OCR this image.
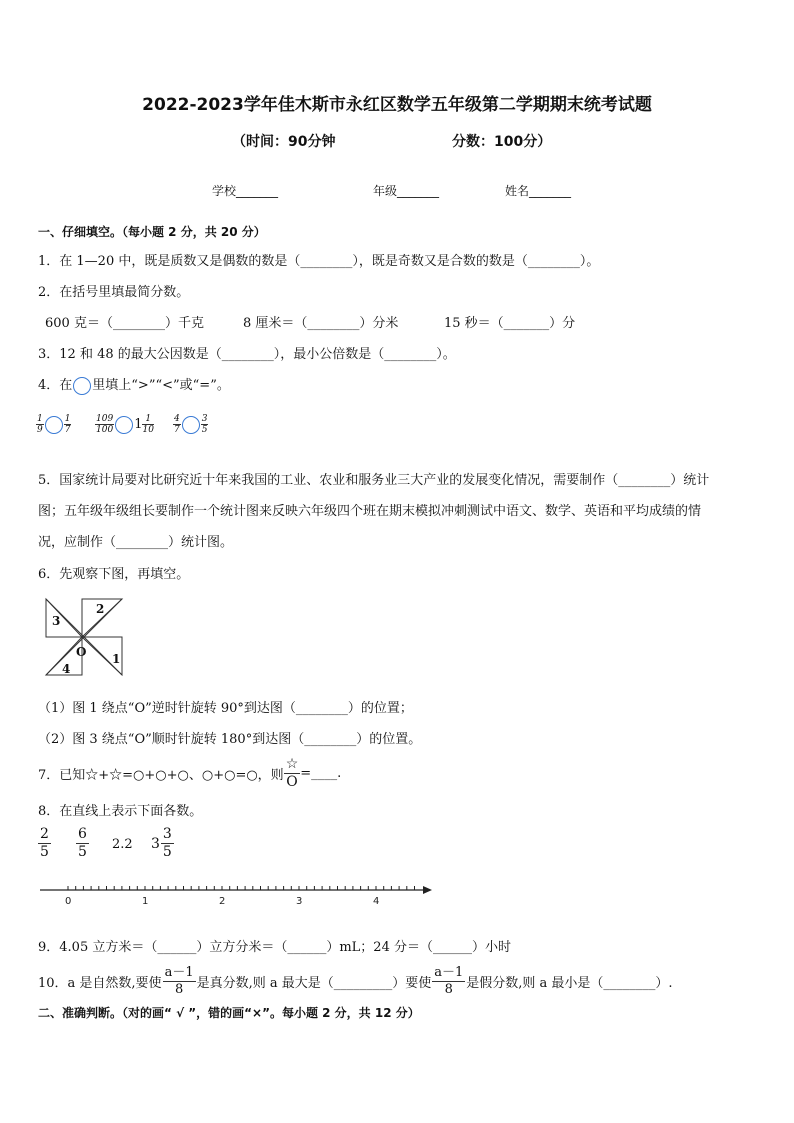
2022-2023学年佳木斯市永红区数学五年级第二学期期末统考试题
（时间：90分钟	分数：100分）
学校_______	年级_______	姓名_______
一、仔细填空。（每小题 2 分，共 20 分）
1．在 1—20 中，既是质数又是偶数的数是（________），既是奇数又是合数的数是（________）。
2．在括号里填最简分数。
600 克＝（________）千克	8 厘米＝（________）分米	15 秒＝（_______）分
3．12 和 48 的最大公因数是（________），最小公倍数是（________）。
4．在 里填上“>”“<”或“=”。
$\frac{1}{9} \frac{1}{7}$	$\frac{109}{100} 1 \frac{1}{10} \frac{4}{7} \frac{3}{5}$
5．国家统计局要对比研究近十年来我国的工业、农业和服务业三大产业的发展变化情况，需要制作（________）统计
图；五年级年级组长要制作一个统计图来反映六年级四个班在期末模拟冲刺测试中语文、数学、英语和平均成绩的情
况，应制作（________）统计图。
6．先观察下图，再填空。
2
3
O
4
1
（1）图 1 绕点“O”逆时针旋转 90°到达图（________）的位置；
（2）图 3 绕点“O”顺时针旋转 180°到达图（________）的位置。
7．已知☆+☆=○+○+○、○+○=○，则 $\frac{☆}{O}$ =____.
8．在直线上表示下面各数。
$\frac{2}{5} \frac{6}{5} 2.2$ $3 \frac{3}{5}$
0	1	2	3	4
9．4.05 立方米＝（______）立方分米＝（______）mL；24 分＝（______）小时
10．a 是自然数,要使 $\frac{a-1}{8}$ 是真分数,则 a 最大是（_________）要使 $\frac{a-1}{8}$ 是假分数,则 a 最小是（________）.
二、准确判断。（对的画“ √ ”，错的画“×”。每小题 2 分，共 12 分）
